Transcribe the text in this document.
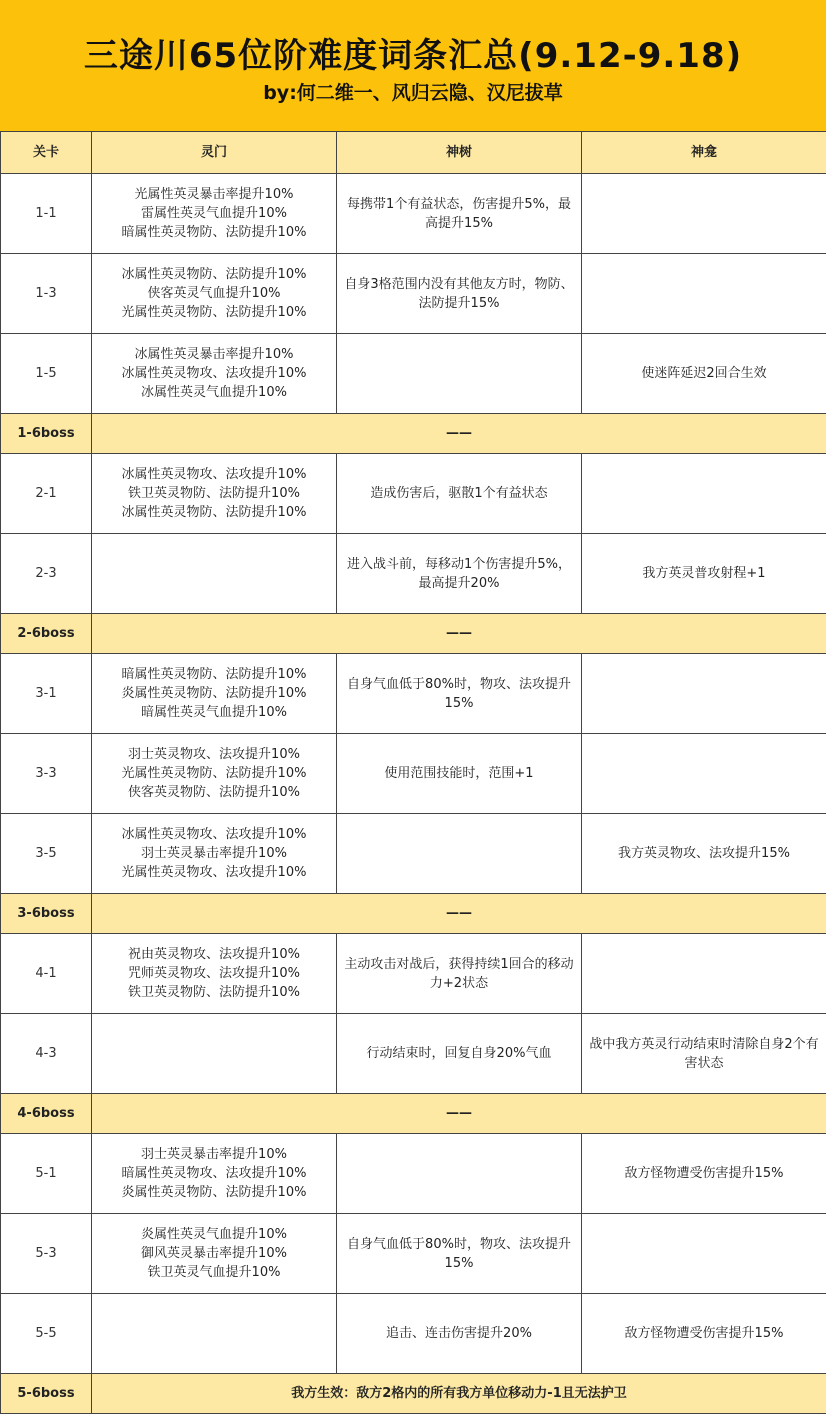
三途川65位阶难度词条汇总(9.12-9.18)
by:何二维一、风归云隐、汉尼拔草
关卡	灵门	神树	神龛
1-1	光属性英灵暴击率提升10%
雷属性英灵气血提升10%
暗属性英灵物防、法防提升10%	每携带1个有益状态，伤害提升5%，最高提升15%	
1-3	冰属性英灵物防、法防提升10%
侠客英灵气血提升10%
光属性英灵物防、法防提升10%	自身3格范围内没有其他友方时，物防、法防提升15%	
1-5	冰属性英灵暴击率提升10%
冰属性英灵物攻、法攻提升10%
冰属性英灵气血提升10%		使迷阵延迟2回合生效
1-6boss	——		
2-1	冰属性英灵物攻、法攻提升10%
铁卫英灵物防、法防提升10%
冰属性英灵物防、法防提升10%	造成伤害后，驱散1个有益状态	
2-3		进入战斗前，每移动1个伤害提升5%，最高提升20%	我方英灵普攻射程+1
2-6boss	——		
3-1	暗属性英灵物防、法防提升10%
炎属性英灵物防、法防提升10%
暗属性英灵气血提升10%	自身气血低于80%时，物攻、法攻提升15%	
3-3	羽士英灵物攻、法攻提升10%
光属性英灵物防、法防提升10%
侠客英灵物防、法防提升10%	使用范围技能时，范围+1	
3-5	冰属性英灵物攻、法攻提升10%
羽士英灵暴击率提升10%
光属性英灵物攻、法攻提升10%		我方英灵物攻、法攻提升15%
3-6boss	——		
4-1	祝由英灵物攻、法攻提升10%
咒师英灵物攻、法攻提升10%
铁卫英灵物防、法防提升10%	主动攻击对战后，获得持续1回合的移动力+2状态	
4-3		行动结束时，回复自身20%气血	战中我方英灵行动结束时清除自身2个有害状态
4-6boss	——		
5-1	羽士英灵暴击率提升10%
暗属性英灵物攻、法攻提升10%
炎属性英灵物防、法防提升10%		敌方怪物遭受伤害提升15%
5-3	炎属性英灵气血提升10%
御风英灵暴击率提升10%
铁卫英灵气血提升10%	自身气血低于80%时，物攻、法攻提升15%	
5-5		追击、连击伤害提升20%	敌方怪物遭受伤害提升15%
5-6boss	我方生效：敌方2格内的所有我方单位移动力-1且无法护卫		
